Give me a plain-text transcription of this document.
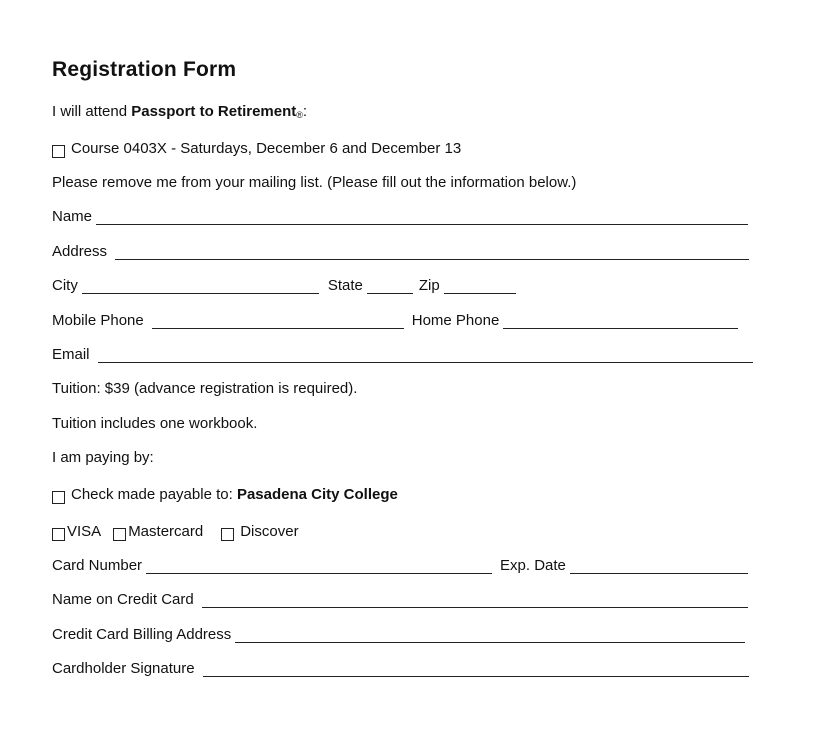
Registration Form
I will attend Passport to Retirement$_®$ :
Course 0403X - Saturdays, December 6 and December 13
Please remove me from your mailing list. (Please fill out the information below.)
Name
Address
City	State	Zip
Mobile Phone	Home Phone
Email
Tuition: $39 (advance registration is required).
Tuition includes one workbook.
I am paying by:
Check made payable to: Pasadena City College
VISA Mastercard Discover
Card Number	Exp. Date
Name on Credit Card
Credit Card Billing Address
Cardholder Signature
